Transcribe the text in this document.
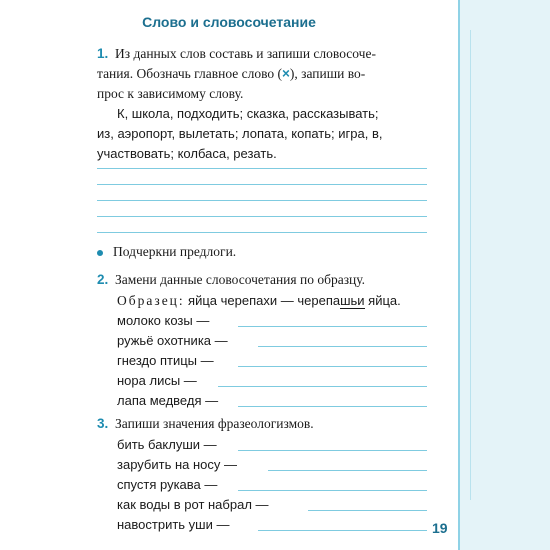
Слово и словосочетание
1. Из данных слов составь и запиши словосоче-
тания. Обозначь главное слово (×), запиши во-
прос к зависимому слову.
К, школа, подходить; сказка, рассказывать;
из, аэропорт, вылетать; лопата, копать; игра, в,
участвовать; колбаса, резать.
Подчеркни предлоги.
2. Замени данные словосочетания по образцу.
Образец: яйца черепахи — черепашьи яйца.
молоко козы —
ружьё охотника —
гнездо птицы —
нора лисы —
лапа медведя —
3. Запиши значения фразеологизмов.
бить баклуши —
зарубить на носу —
спустя рукава —
как воды в рот набрал —
навострить уши —	19
